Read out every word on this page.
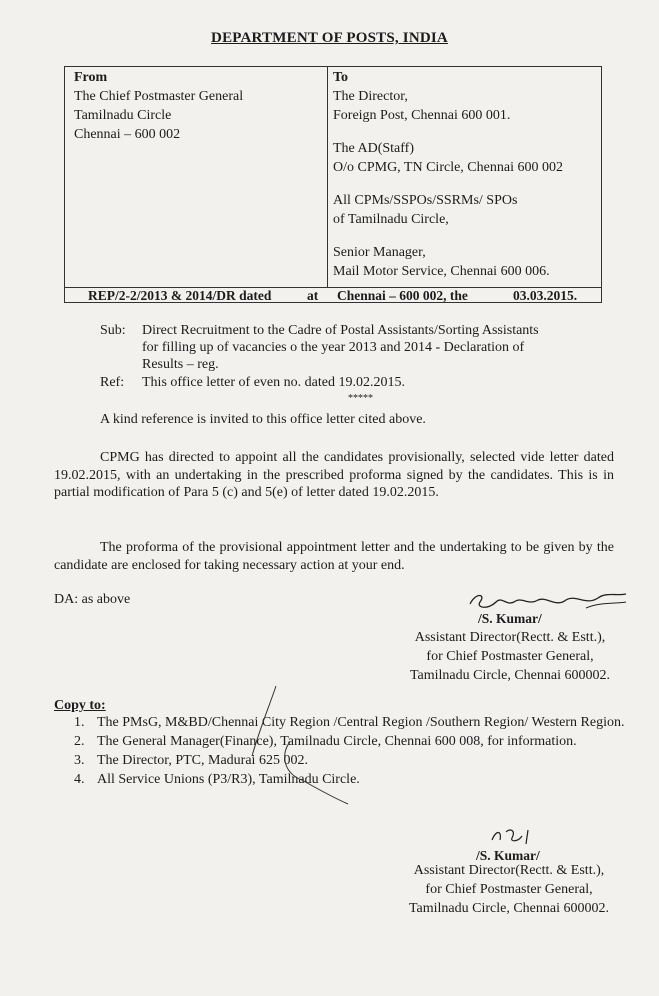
DEPARTMENT OF POSTS, INDIA
From
The Chief Postmaster General
Tamilnadu Circle
Chennai – 600 002
To
The Director,
Foreign Post, Chennai 600 001.
The AD(Staff)
O/o CPMG, TN Circle, Chennai 600 002
All CPMs/SSPOs/SSRMs/ SPOs
of Tamilnadu Circle,
Senior Manager,
Mail Motor Service, Chennai 600 006.
REP/2-2/2013 & 2014/DR dated	at Chennai – 600 002, the	03.03.2015.
Sub: Direct Recruitment to the Cadre of Postal Assistants/Sorting Assistants for filling up of vacancies o the year 2013 and 2014 - Declaration of Results – reg.
Ref: This office letter of even no. dated 19.02.2015.
*****
A kind reference is invited to this office letter cited above.
CPMG has directed to appoint all the candidates provisionally, selected vide letter dated 19.02.2015, with an undertaking in the prescribed proforma signed by the candidates. This is in partial modification of Para 5 (c) and 5(e) of letter dated 19.02.2015.
The proforma of the provisional appointment letter and the undertaking to be given by the candidate are enclosed for taking necessary action at your end.
DA: as above
/S. Kumar/
Assistant Director(Rectt. & Estt.),
for Chief Postmaster General,
Tamilnadu Circle, Chennai 600002.
Copy to:
1. The PMsG, M&BD/Chennai City Region /Central Region /Southern Region/ Western Region.
2. The General Manager(Finance), Tamilnadu Circle, Chennai 600 008, for information.
3. The Director, PTC, Madurai 625 002.
4. All Service Unions (P3/R3), Tamilnadu Circle.
/S. Kumar/
Assistant Director(Rectt. & Estt.),
for Chief Postmaster General,
Tamilnadu Circle, Chennai 600002.
